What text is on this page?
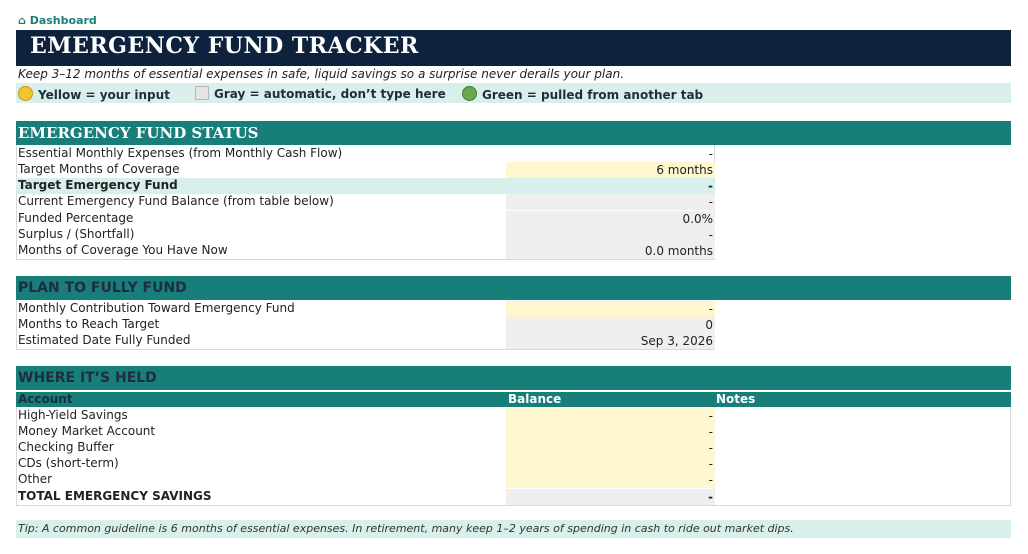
⌂ Dashboard
EMERGENCY FUND TRACKER
Keep 3–12 months of essential expenses in safe, liquid savings so a surprise never derails your plan.
Yellow = your input	Gray = automatic, don’t type here	Green = pulled from another tab
EMERGENCY FUND STATUS
Essential Monthly Expenses (from Monthly Cash Flow)	-
Target Months of Coverage	6 months
Target Emergency Fund	-
Current Emergency Fund Balance (from table below)	-
Funded Percentage	0.0%
Surplus / (Shortfall)	-
Months of Coverage You Have Now	0.0 months
PLAN TO FULLY FUND
Monthly Contribution Toward Emergency Fund	-
Months to Reach Target	0
Estimated Date Fully Funded	Sep 3, 2026
WHERE IT’S HELD
Account	Balance	Notes
High-Yield Savings	-
Money Market Account	-
Checking Buffer	-
CDs (short-term)	-
Other	-
TOTAL EMERGENCY SAVINGS	-
Tip: A common guideline is 6 months of essential expenses. In retirement, many keep 1–2 years of spending in cash to ride out market dips.
